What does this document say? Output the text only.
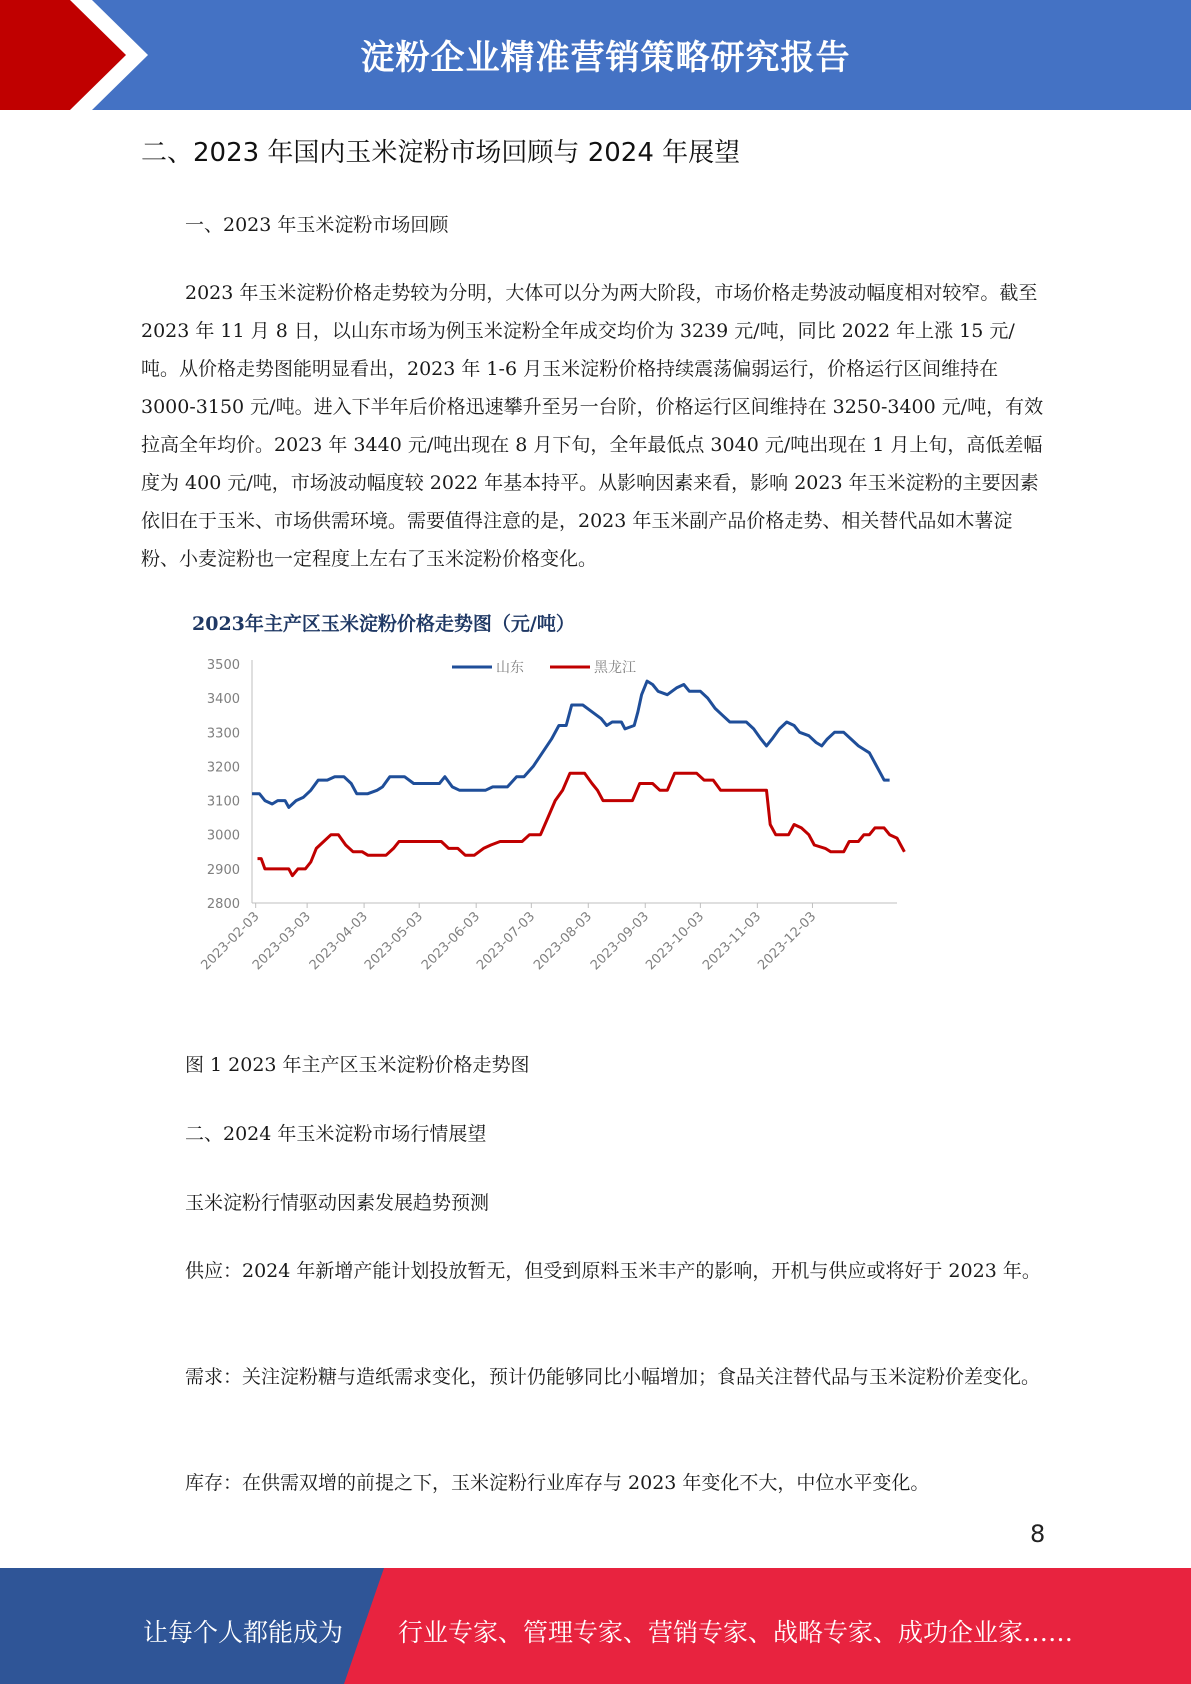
淀粉企业精准营销策略研究报告
二、2023 年国内玉米淀粉市场回顾与 2024 年展望

一、2023 年玉米淀粉市场回顾

2023 年玉米淀粉价格走势较为分明，大体可以分为两大阶段，市场价格走势波动幅度相对较窄。截至 2023 年 11 月 8 日，以山东市场为例玉米淀粉全年成交均价为 3239 元/吨，同比 2022 年上涨 15 元/吨。从价格走势图能明显看出，2023 年 1-6 月玉米淀粉价格持续震荡偏弱运行，价格运行区间维持在 3000-3150 元/吨。进入下半年后价格迅速攀升至另一台阶，价格运行区间维持在 3250-3400 元/吨，有效拉高全年均价。2023 年 3440 元/吨出现在 8 月下旬，全年最低点 3040 元/吨出现在 1 月上旬，高低差幅度为 400 元/吨，市场波动幅度较 2022 年基本持平。从影响因素来看，影响 2023 年玉米淀粉的主要因素依旧在于玉米、市场供需环境。需要值得注意的是，2023 年玉米副产品价格走势、相关替代品如木薯淀粉、小麦淀粉也一定程度上左右了玉米淀粉价格变化。

2023年主产区玉米淀粉价格走势图（元/吨）
山东	黑龙江
2800
2900
3000
3100
3200
3300
3400
3500
2023-02-03
2023-03-03
2023-04-03
2023-05-03
2023-06-03
2023-07-03
2023-08-03
2023-09-03
2023-10-03
2023-11-03
2023-12-03

图 1 2023 年主产区玉米淀粉价格走势图

二、2024 年玉米淀粉市场行情展望

玉米淀粉行情驱动因素发展趋势预测

供应：2024 年新增产能计划投放暂无，但受到原料玉米丰产的影响，开机与供应或将好于 2023 年。

需求：关注淀粉糖与造纸需求变化，预计仍能够同比小幅增加；食品关注替代品与玉米淀粉价差变化。

库存：在供需双增的前提之下，玉米淀粉行业库存与 2023 年变化不大，中位水平变化。

8
让每个人都能成为 行业专家、管理专家、营销专家、战略专家、成功企业家……
